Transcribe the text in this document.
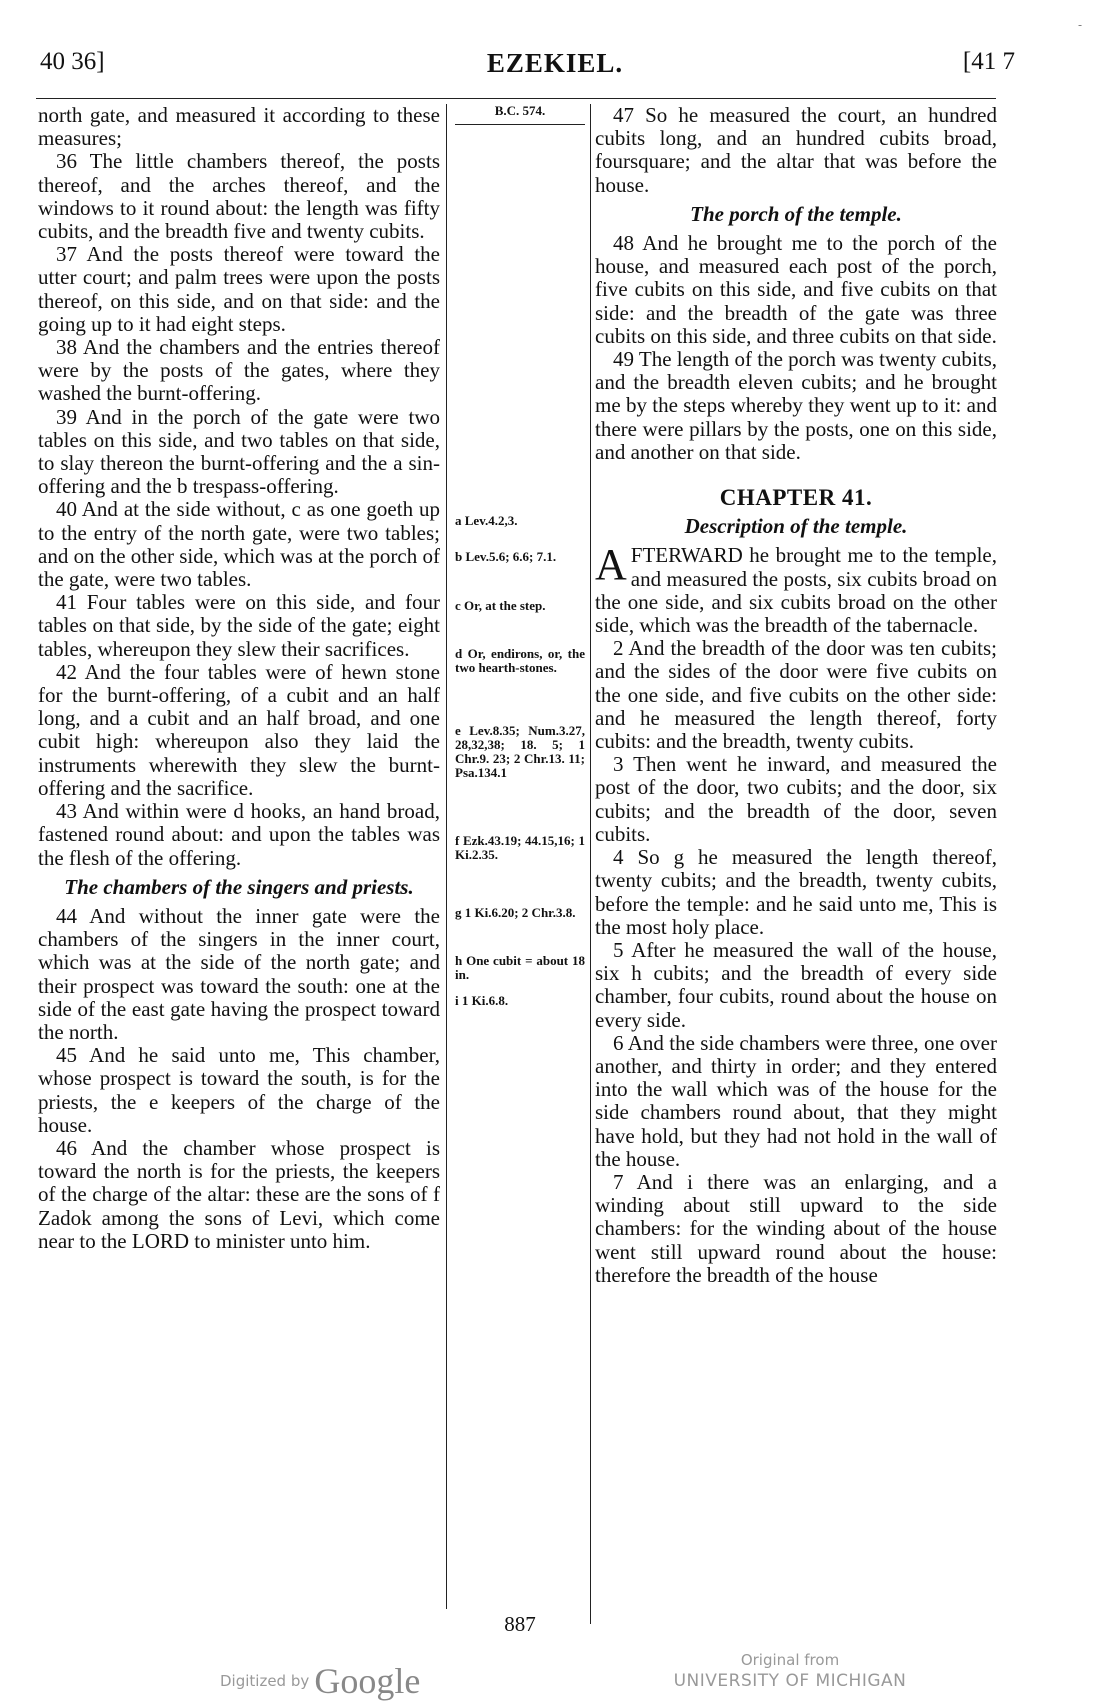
-
40 36]	EZEKIEL.	[41 7

north gate, and measured it according to these measures;

36 The little chambers thereof, the posts thereof, and the arches thereof, and the windows to it round about: the length was fifty cubits, and the breadth five and twenty cubits.

37 And the posts thereof were toward the utter court; and palm trees were upon the posts thereof, on this side, and on that side: and the going up to it had eight steps.

38 And the chambers and the entries thereof were by the posts of the gates, where they washed the burnt-offering.

39 And in the porch of the gate were two tables on this side, and two tables on that side, to slay thereon the burnt-offering and the a sin-offering and the b trespass-offering.

40 And at the side without, c as one goeth up to the entry of the north gate, were two tables; and on the other side, which was at the porch of the gate, were two tables.

41 Four tables were on this side, and four tables on that side, by the side of the gate; eight tables, whereupon they slew their sacrifices.

42 And the four tables were of hewn stone for the burnt-offering, of a cubit and an half long, and a cubit and an half broad, and one cubit high: whereupon also they laid the instruments wherewith they slew the burnt-offering and the sacrifice.

43 And within were d hooks, an hand broad, fastened round about: and upon the tables was the flesh of the offering.

The chambers of the singers and priests.

44 And without the inner gate were the chambers of the singers in the inner court, which was at the side of the north gate; and their prospect was toward the south: one at the side of the east gate having the prospect toward the north.

45 And he said unto me, This chamber, whose prospect is toward the south, is for the priests, the e keepers of the charge of the house.

46 And the chamber whose prospect is toward the north is for the priests, the keepers of the charge of the altar: these are the sons of f Zadok among the sons of Levi, which come near to the LORD to minister unto him.

B.C. 574.
a Lev.4.2,3.
b Lev.5.6; 6.6; 7.1.
c Or, at the step.
d Or, endirons, or, the two hearth-stones.
e Lev.8.35; Num.3.27, 28,32,38; 18. 5; 1 Chr.9. 23; 2 Chr.13. 11; Psa.134.1
f Ezk.43.19; 44.15,16; 1 Ki.2.35.
g 1 Ki.6.20; 2 Chr.3.8.
h One cubit = about 18 in.
i 1 Ki.6.8.

47 So he measured the court, an hundred cubits long, and an hundred cubits broad, foursquare; and the altar that was before the house.

The porch of the temple.

48 And he brought me to the porch of the house, and measured each post of the porch, five cubits on this side, and five cubits on that side: and the breadth of the gate was three cubits on this side, and three cubits on that side.

49 The length of the porch was twenty cubits, and the breadth eleven cubits; and he brought me by the steps whereby they went up to it: and there were pillars by the posts, one on this side, and another on that side.

CHAPTER 41.

Description of the temple.

AFTERWARD he brought me to the temple, and measured the posts, six cubits broad on the one side, and six cubits broad on the other side, which was the breadth of the tabernacle.

2 And the breadth of the door was ten cubits; and the sides of the door were five cubits on the one side, and five cubits on the other side: and he measured the length thereof, forty cubits: and the breadth, twenty cubits.

3 Then went he inward, and measured the post of the door, two cubits; and the door, six cubits; and the breadth of the door, seven cubits.

4 So g he measured the length thereof, twenty cubits; and the breadth, twenty cubits, before the temple: and he said unto me, This is the most holy place.

5 After he measured the wall of the house, six h cubits; and the breadth of every side chamber, four cubits, round about the house on every side.

6 And the side chambers were three, one over another, and thirty in order; and they entered into the wall which was of the house for the side chambers round about, that they might have hold, but they had not hold in the wall of the house.

7 And i there was an enlarging, and a winding about still upward to the side chambers: for the winding about of the house went still upward round about the house: therefore the breadth of the house

887
Digitized by Google
Original from
UNIVERSITY OF MICHIGAN
